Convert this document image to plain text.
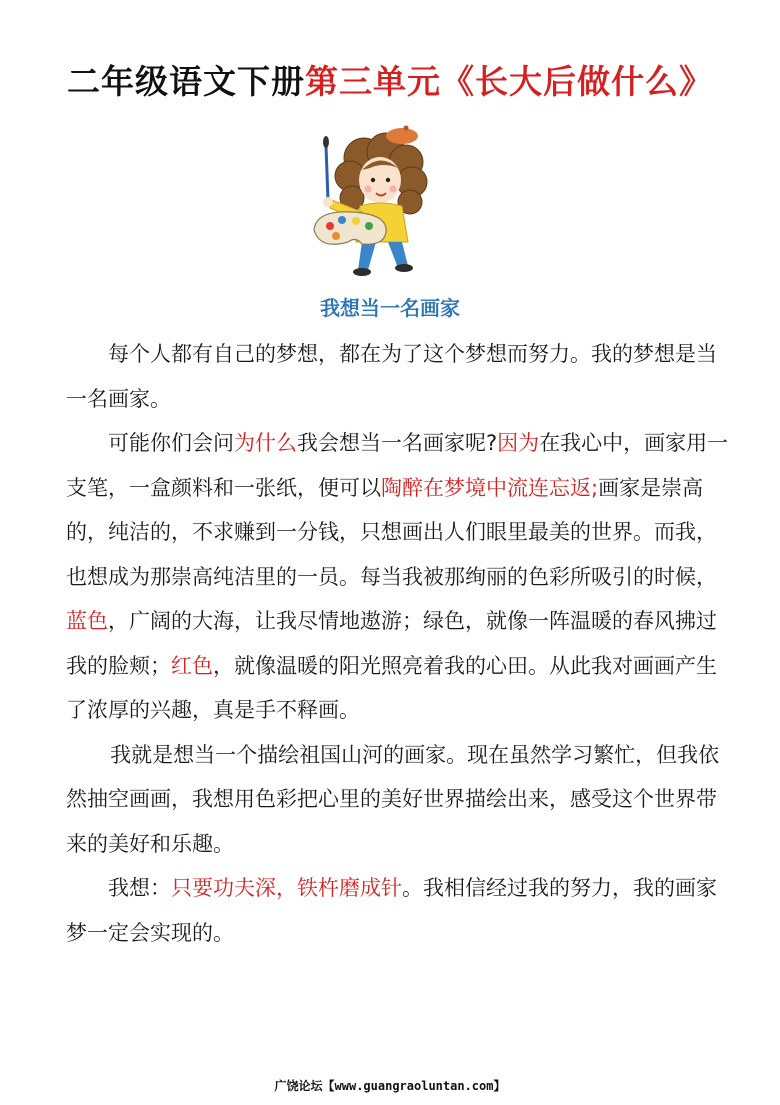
二年级语文下册第三单元《长大后做什么》
我想当一名画家

每个人都有自己的梦想，都在为了这个梦想而努力。我的梦想是当一名画家。

可能你们会问为什么我会想当一名画家呢?因为在我心中，画家用一支笔，一盒颜料和一张纸，便可以陶醉在梦境中流连忘返;画家是崇高的，纯洁的，不求赚到一分钱，只想画出人们眼里最美的世界。而我，也想成为那崇高纯洁里的一员。每当我被那绚丽的色彩所吸引的时候，蓝色，广阔的大海，让我尽情地遨游；绿色，就像一阵温暖的春风拂过我的脸颊；红色，就像温暖的阳光照亮着我的心田。从此我对画画产生了浓厚的兴趣，真是手不释画。

我就是想当一个描绘祖国山河的画家。现在虽然学习繁忙，但我依然抽空画画，我想用色彩把心里的美好世界描绘出来，感受这个世界带来的美好和乐趣。

我想：只要功夫深，铁杵磨成针。我相信经过我的努力，我的画家梦一定会实现的。

广饶论坛【www.guangraoluntan.com】
